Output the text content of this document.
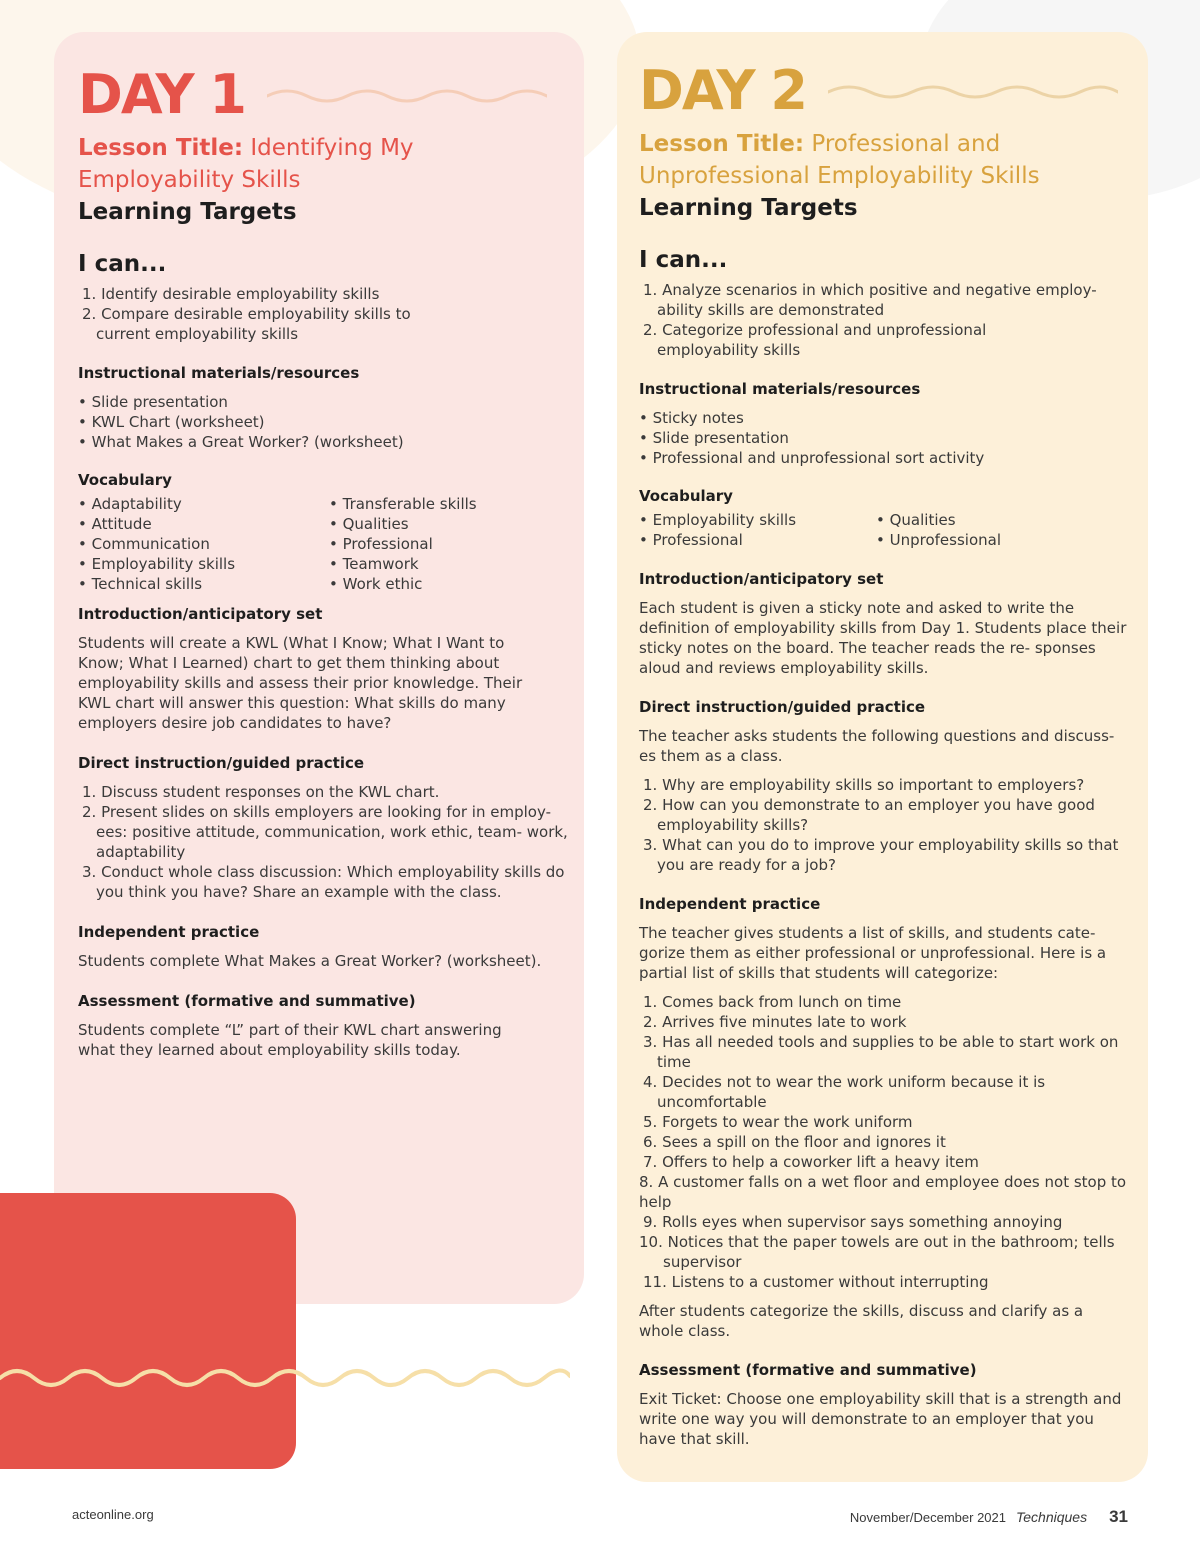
DAY 1
Lesson Title: Identifying My Employability Skills
Learning Targets
I can...
1. Identify desirable employability skills
2. Compare desirable employability skills to current employability skills
Instructional materials/resources
• Slide presentation
• KWL Chart (worksheet)
• What Makes a Great Worker? (worksheet)
Vocabulary
• Adaptability	• Transferable skills
• Attitude	• Qualities
• Communication	• Professional
• Employability skills	• Teamwork
• Technical skills	• Work ethic
Introduction/anticipatory set

Students will create a KWL (What I Know; What I Want to Know; What I Learned) chart to get them thinking about employability skills and assess their prior knowledge. Their KWL chart will answer this question: What skills do many employers desire job candidates to have?

Direct instruction/guided practice
1. Discuss student responses on the KWL chart.
2. Present slides on skills employers are looking for in employ- ees: positive attitude, communication, work ethic, team- work, adaptability
3. Conduct whole class discussion: Which employability skills do you think you have? Share an example with the class.
Independent practice

Students complete What Makes a Great Worker? (worksheet).

Assessment (formative and summative)

Students complete “L” part of their KWL chart answering what they learned about employability skills today.

DAY 2
Lesson Title: Professional and Unprofessional Employability Skills
Learning Targets
I can...
1. Analyze scenarios in which positive and negative employ- ability skills are demonstrated
2. Categorize professional and unprofessional employability skills
Instructional materials/resources
• Sticky notes
• Slide presentation
• Professional and unprofessional sort activity
Vocabulary
• Employability skills	• Qualities
• Professional	• Unprofessional
Introduction/anticipatory set

Each student is given a sticky note and asked to write the definition of employability skills from Day 1. Students place their sticky notes on the board. The teacher reads the re- sponses aloud and reviews employability skills.

Direct instruction/guided practice

The teacher asks students the following questions and discuss- es them as a class.

1. Why are employability skills so important to employers?
2. How can you demonstrate to an employer you have good employability skills?
3. What can you do to improve your employability skills so that you are ready for a job?
Independent practice

The teacher gives students a list of skills, and students cate- gorize them as either professional or unprofessional. Here is a partial list of skills that students will categorize:

1. Comes back from lunch on time
2. Arrives five minutes late to work
3. Has all needed tools and supplies to be able to start work on time
4. Decides not to wear the work uniform because it is uncomfortable
5. Forgets to wear the work uniform
6. Sees a spill on the floor and ignores it
7. Offers to help a coworker lift a heavy item
8. A customer falls on a wet floor and employee does not stop to help
9. Rolls eyes when supervisor says something annoying
10. Notices that the paper towels are out in the bathroom; tells supervisor
11. Listens to a customer without interrupting

After students categorize the skills, discuss and clarify as a whole class.

Assessment (formative and summative)

Exit Ticket: Choose one employability skill that is a strength and write one way you will demonstrate to an employer that you have that skill.

acteonline.org	November/December 2021 Techniques 31
